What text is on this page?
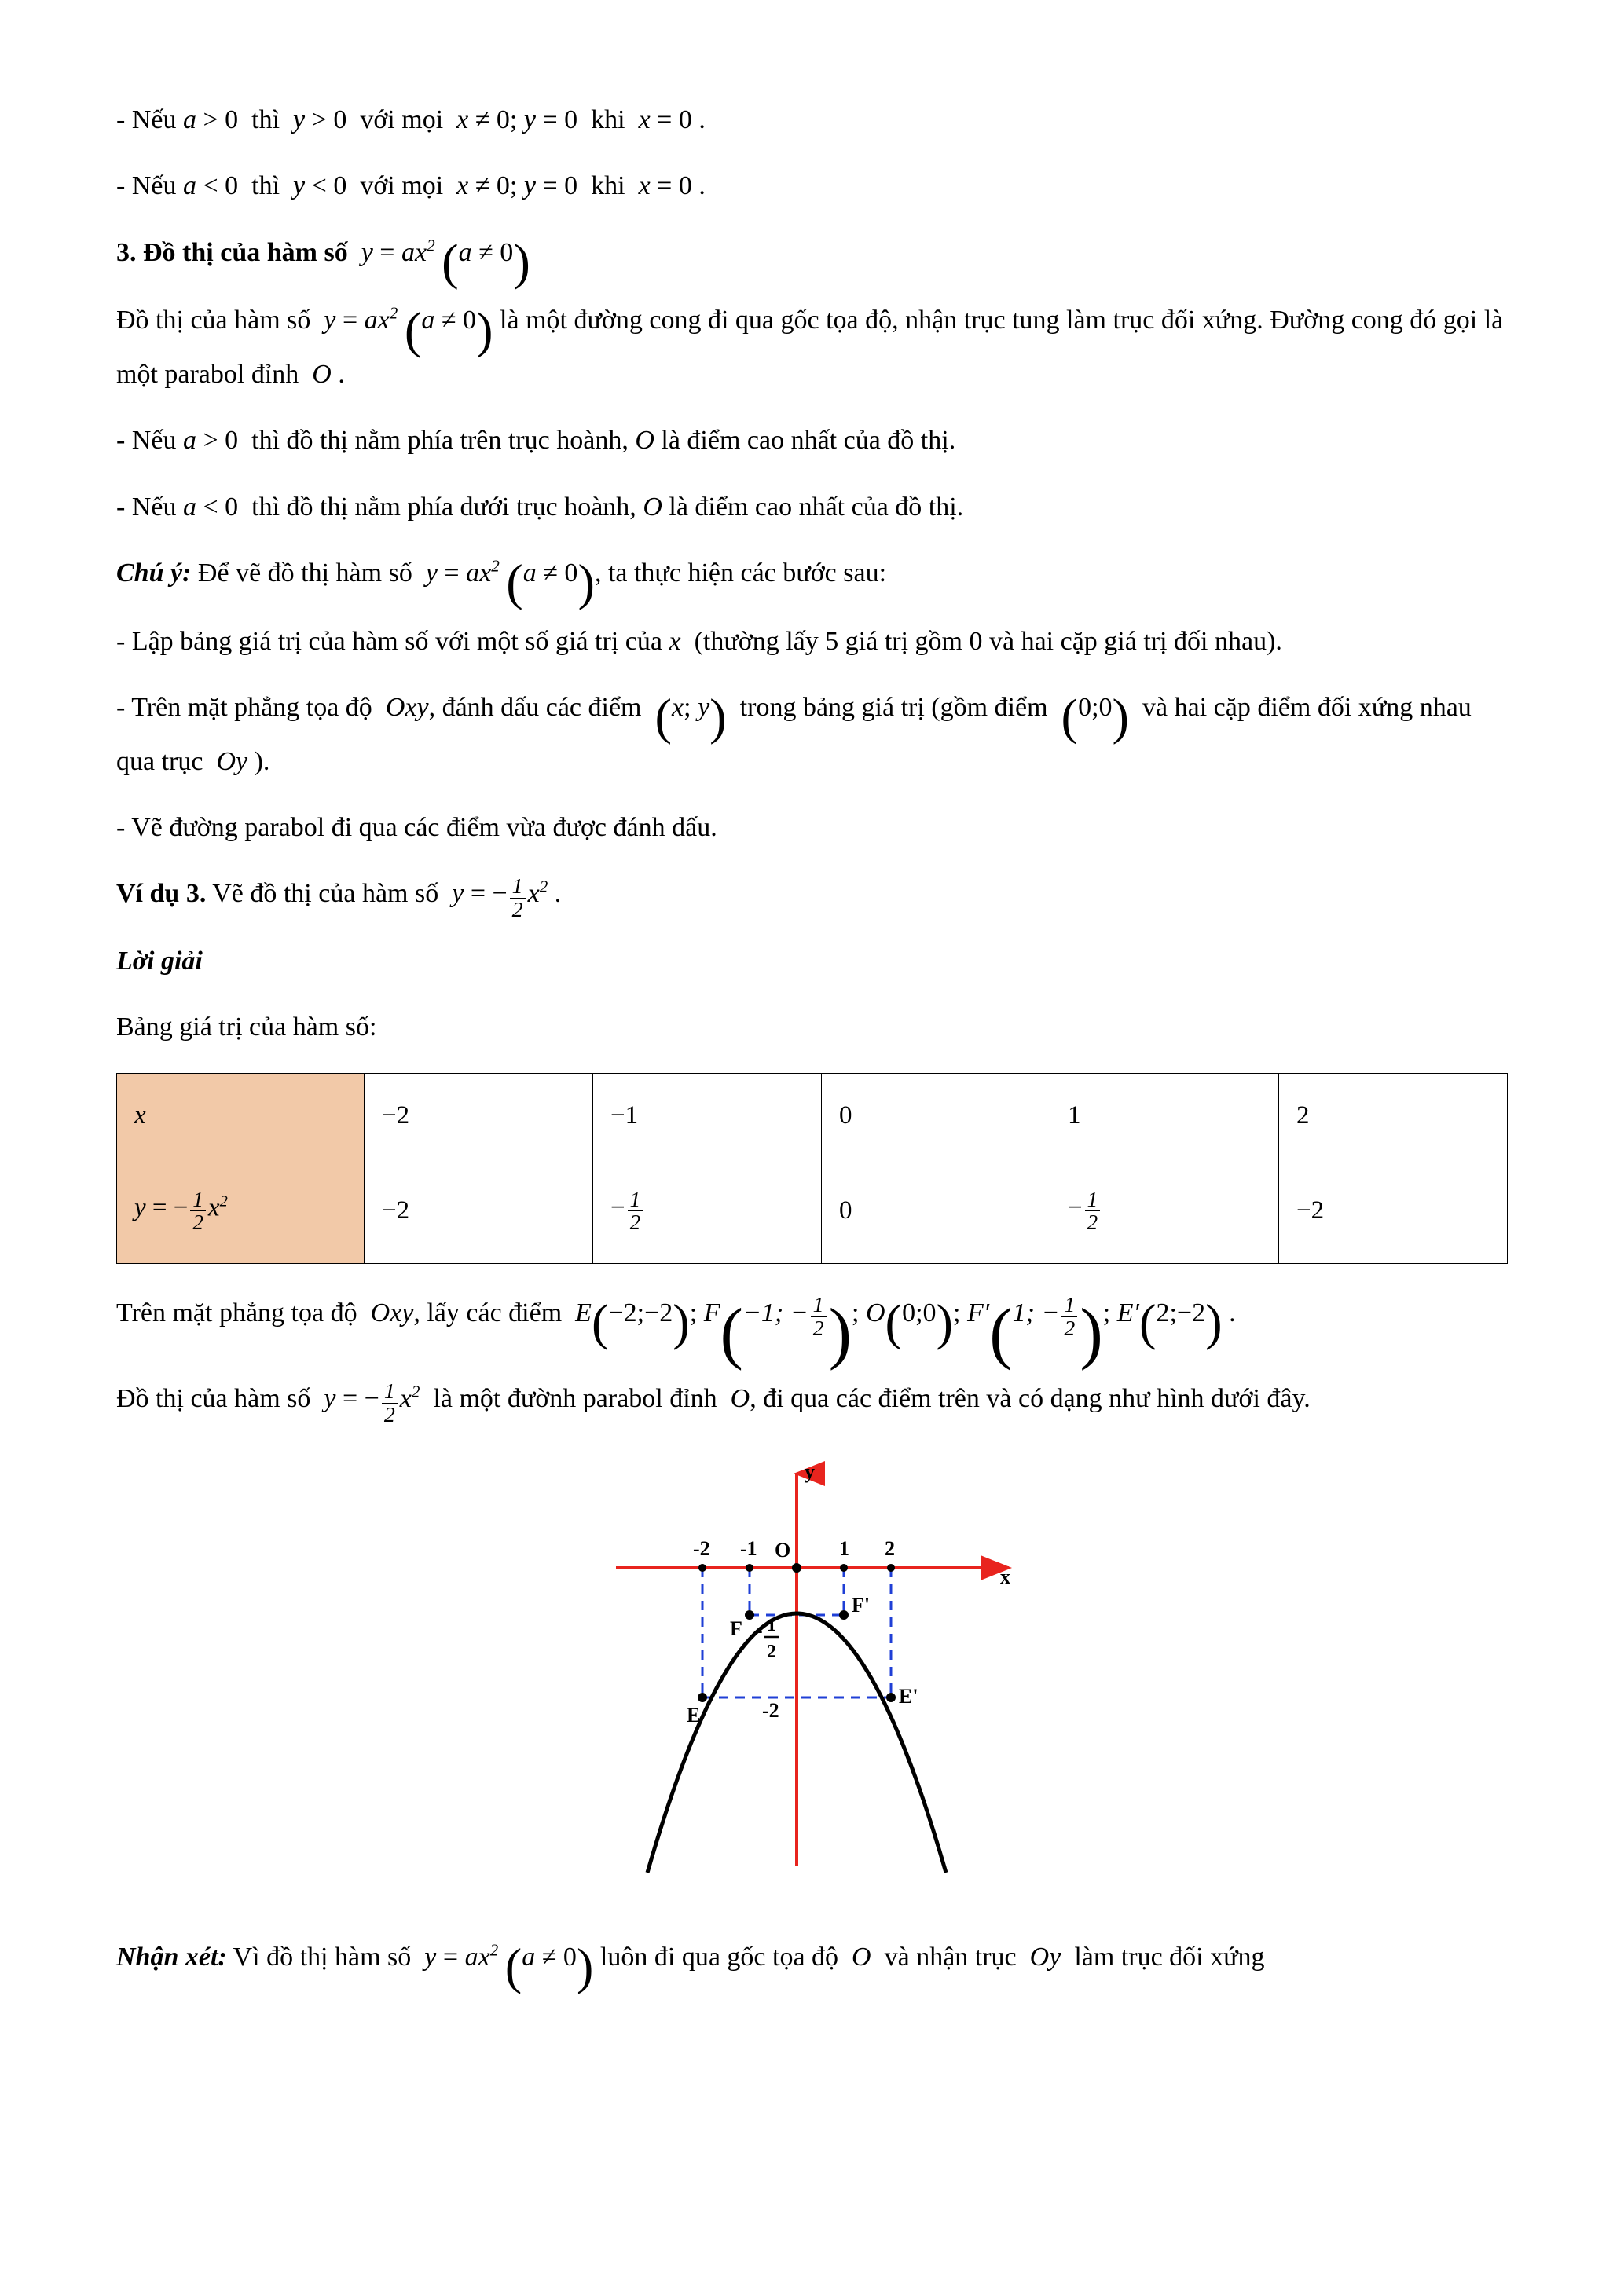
- Nếu a > 0  thì  y > 0  với mọi  x ≠ 0; y = 0  khi  x = 0 .

- Nếu a < 0  thì  y < 0  với mọi  x ≠ 0; y = 0  khi  x = 0 .

3. Đồ thị của hàm số $y = ax^2$ (a ≠ 0)

Đồ thị của hàm số $y = ax^2$ (a ≠ 0) là một đường cong đi qua gốc tọa độ, nhận trục tung làm trục đối xứng. Đường cong đó gọi là một parabol đỉnh O .

- Nếu a > 0  thì đồ thị nằm phía trên trục hoành, O là điểm cao nhất của đồ thị.

- Nếu a < 0  thì đồ thị nằm phía dưới trục hoành, O là điểm cao nhất của đồ thị.

Chú ý: Để vẽ đồ thị hàm số $y = ax^2$ (a ≠ 0), ta thực hiện các bước sau:

- Lập bảng giá trị của hàm số với một số giá trị của x  (thường lấy 5 giá trị gồm 0 và hai cặp giá trị đối nhau).

- Trên mặt phẳng tọa độ Oxy, đánh dấu các điểm (x; y) trong bảng giá trị (gồm điểm (0;0) và hai cặp điểm đối xứng nhau qua trục Oy ).

- Vẽ đường parabol đi qua các điểm vừa được đánh dấu.

Ví dụ 3. Vẽ đồ thị của hàm số y = − $\frac{1}{2} x^2$ .

Lời giải

Bảng giá trị của hàm số:

x	−2	−1	0	1	2
y = − $\frac{1}{2} x^2$	−2	− $\frac{1}{2}$	0	− $\frac{1}{2}$	−2

Trên mặt phẳng tọa độ Oxy, lấy các điểm E(−2;−2); F(−1; − $\frac{1}{2}$ ); O(0;0); F′(1; − $\frac{1}{2}$ ); E′(2;−2) .

Đồ thị của hàm số y = − $\frac{1}{2} x^2$ là một đườnh parabol đỉnh O, đi qua các điểm trên và có dạng như hình dưới đây.

x
y
O
-2 -1	1 2
E
F
F'
E'
-2
- 1
2

Nhận xét: Vì đồ thị hàm số $y = ax^2$ (a ≠ 0) luôn đi qua gốc tọa độ O và nhận trục Oy làm trục đối xứng
